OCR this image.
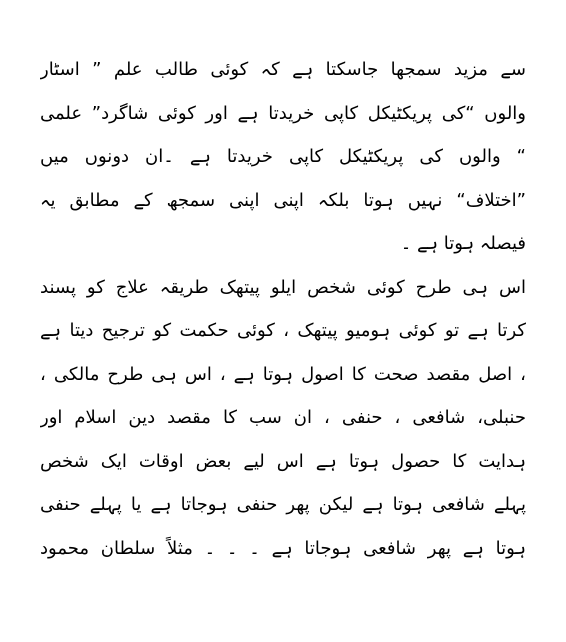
سے مزید سمجھا جاسکتا ہے کہ کوئی طالب علم ” اسٹار
والوں “کی پریکٹیکل کاپی خریدتا ہے اور کوئی شاگرد” علمی
“ والوں کی پریکٹیکل کاپی خریدتا ہے ۔ان دونوں میں
”اختلاف“ نہیں ہوتا بلکہ اپنی اپنی سمجھ کے مطابق یہ
فیصلہ ہوتا ہے ۔
اس ہی طرح کوئی شخص ایلو پیتھک طریقہ علاج کو پسند
کرتا ہے تو کوئی ہومیو پیتھک ، کوئی حکمت کو ترجیح دیتا ہے
، اصل مقصد صحت کا اصول ہوتا ہے ، اس ہی طرح مالکی ،
حنبلی، شافعی ، حنفی ، ان سب کا مقصد دین اسلام اور
ہدایت کا حصول ہوتا ہے اس لیے بعض اوقات ایک شخص
پہلے شافعی ہوتا ہے لیکن پھر حنفی ہوجاتا ہے یا پہلے حنفی
ہوتا ہے پھر شافعی ہوجاتا ہے ۔ ۔ ۔ مثلاً سلطان محمود
